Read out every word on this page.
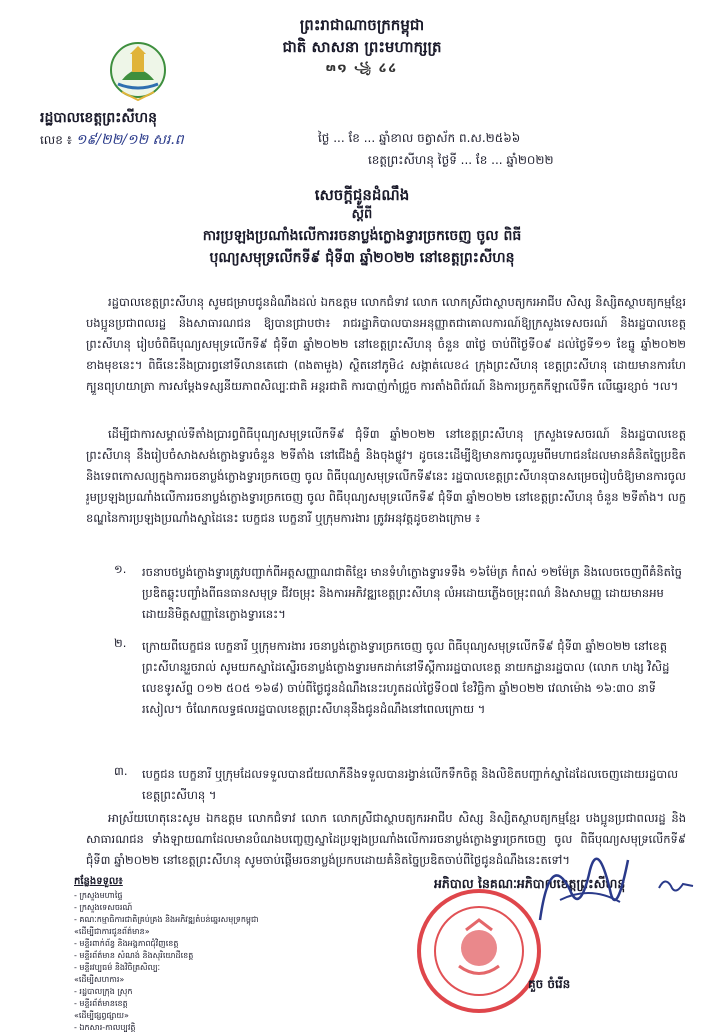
ព្រះរាជាណាចក្រកម្ពុជា
ជាតិ សាសនា ព្រះមហាក្សត្រ
໙໑ ꧁ ໒໒
រដ្ឋបាលខេត្តព្រះសីហនុ
លេខ ៖ ១៩/២២/១២ សរ.ព	ថ្ងៃ ... ខែ ... ឆ្នាំខាល ចត្វាស័ក ព.ស.២៥៦៦
ខេត្តព្រះសីហនុ ថ្ងៃទី ... ខែ ... ឆ្នាំ២០២២
សេចក្តីជូនដំណឹង
ស្តីពី
ការប្រឡងប្រណាំងលើការរចនាប្លង់ក្លោងទ្វារច្រកចេញ ចូល ពិធី
បុណ្យសមុទ្រលើកទី៩ ជុំទី៣ ឆ្នាំ២០២២ នៅខេត្តព្រះសីហនុ
រដ្ឋបាលខេត្តព្រះសីហនុ សូមជម្រាបជូនដំណឹងដល់ ឯកឧត្តម លោកជំទាវ លោក លោកស្រីជាស្ថាបត្យករអាជីប សិស្ស និស្សិតស្ថាបត្យកម្មខ្មែរ បងប្អូនប្រជាពលរដ្ឋ និងសាធារណជន ឱ្យបានជ្រាបថា៖ រាជរដ្ឋាភិបាលបានអនុញ្ញាតជាគោលការណ៍ឱ្យក្រសួងទេសចរណ៍ និងរដ្ឋបាលខេត្តព្រះសីហនុ រៀបចំពិធីបុណ្យសមុទ្រលើកទី៩ ជុំទី៣ ឆ្នាំ២០២២ នៅខេត្តព្រះសីហនុ ចំនួន ៣ថ្ងៃ ចាប់ពីថ្ងៃទី០៩ ដល់ថ្ងៃទី១១ ខែធ្នូ ឆ្នាំ២០២២ ខាងមុខនេះ។ ពិធីនេះនឹងប្រារព្ធនៅទីលានតេជោ (ពងតាមួង) ស្ថិតនៅភូមិ៤ សង្កាត់លេខ៤ ក្រុងព្រះសីហនុ ខេត្តព្រះសីហនុ ដោយមានការហែក្បួនព្យុហយាត្រា ការសម្តែងទស្សនីយភាពសិល្បៈជាតិ អន្តរជាតិ ការបាញ់កាំជ្រួច ការតាំងពិព័រណ៍ និងការប្រកួតកីឡាលើទឹក លើឆ្នេរខ្សាច់ ។ល។
ដើម្បីជាការសម្គាល់ទីតាំងប្រារព្ធពិធីបុណ្យសមុទ្រលើកទី៩ ជុំទី៣ ឆ្នាំ២០២២ នៅខេត្តព្រះសីហនុ ក្រសួងទេសចរណ៍ និងរដ្ឋបាលខេត្តព្រះសីហនុ នឹងរៀបចំសាងសង់ក្លោងទ្វារចំនួន ២ទីតាំង នៅជើងភ្នំ និងចុងផ្លូវ។ ដូចនេះដើម្បីឱ្យមានការចូលរួមពីមហាជនដែលមានគំនិតច្នៃប្រឌិត និងទេពកោសល្យក្នុងការរចនាប្លង់ក្លោងទ្វារច្រកចេញ ចូល ពិធីបុណ្យសមុទ្រលើកទី៩នេះ រដ្ឋបាលខេត្តព្រះសីហនុបានសម្រេចរៀបចំឱ្យមានការចូលរួមប្រឡងប្រណាំងលើការរចនាប្លង់ក្លោងទ្វារច្រកចេញ ចូល ពិធីបុណ្យសមុទ្រលើកទី៩ ជុំទី៣ ឆ្នាំ២០២២ នៅខេត្តព្រះសីហនុ ចំនួន ២ទីតាំង។ លក្ខខណ្ឌនៃការប្រឡងប្រណាំងស្នាដៃនេះ បេក្ខជន បេក្ខនារី ឬក្រុមការងារ ត្រូវអនុវត្តដូចខាងក្រោម ៖
១. រចនាបថប្លង់ក្លោងទ្វារត្រូវបញ្ជាក់ពីអត្តសញ្ញាណជាតិខ្មែរ មានទំហំក្លោងទ្វារទទឹង ១៦ម៉ែត្រ កំពស់ ១២ម៉ែត្រ និងលេចចេញពីគំនិតច្នៃប្រឌិតឆ្លុះបញ្ចាំងពីធនធានសមុទ្រ ជីវចម្រុះ និងការអភិវឌ្ឍខេត្តព្រះសីហនុ លំអដោយភ្លើងចម្រុះពណ៌ និងសាមញ្ញ ដោយមានអមដោយនិមិត្តសញ្ញានៃក្លោងទ្វារនេះ។
២. ក្រោយពីបេក្ខជន បេក្ខនារី ឬក្រុមការងារ រចនាប្លង់ក្លោងទ្វារច្រកចេញ ចូល ពិធីបុណ្យសមុទ្រលើកទី៩ ជុំទី៣ ឆ្នាំ២០២២ នៅខេត្តព្រះសីហនុរួចរាល់ សូមយកស្នាដៃស្នើរចនាប្លង់ក្លោងទ្វារមកដាក់នៅទីស្តីការរដ្ឋបាលខេត្ត នាយកដ្ឋានរដ្ឋបាល (លោក ហង្ស វិសិដ្ឋ លេខទូរស័ព្ទ ០១២ ៥០៥ ១៦៨) ចាប់ពីថ្ងៃជូនដំណឹងនេះរហូតដល់ថ្ងៃទី០៧ ខែវិច្ឆិកា ឆ្នាំ២០២២ វេលាម៉ោង ១៦:៣០ នាទីរសៀល។ ចំណែកលទ្ធផលរដ្ឋបាលខេត្តព្រះសីហនុនឹងជូនដំណឹងនៅពេលក្រោយ ។
៣. បេក្ខជន បេក្ខនារី ឬក្រុមដែលទទួលបានជ័យលាភីនឹងទទួលបានរង្វាន់លើកទឹកចិត្ត និងលិខិតបញ្ជាក់ស្នាដៃដែលចេញដោយរដ្ឋបាលខេត្តព្រះសីហនុ ។
អាស្រ័យហេតុនេះសូម ឯកឧត្តម លោកជំទាវ លោក លោកស្រីជាស្ថាបត្យករអាជីប សិស្ស និស្សិតស្ថាបត្យកម្មខ្មែរ បងប្អូនប្រជាពលរដ្ឋ និងសាធារណជន ទាំងឡាយណាដែលមានបំណងបញ្ចេញស្នាដៃប្រឡងប្រណាំងលើការរចនាប្លង់ក្លោងទ្វារច្រកចេញ ចូល ពិធីបុណ្យសមុទ្រលើកទី៩ ជុំទី៣ ឆ្នាំ២០២២ នៅខេត្តព្រះសីហនុ សូមចាប់ផ្តើមរចនាប្លង់ប្រកបដោយគំនិតច្នៃប្រឌិតចាប់ពីថ្ងៃជូនដំណឹងនេះតទៅ។
កន្លែងទទួល៖
- ក្រសួងមហាផ្ទៃ
- ក្រសួងទេសចរណ៍
- គណៈកម្មាធិការជាតិគ្រប់គ្រង និងអភិវឌ្ឍតំបន់ឆ្នេរសមុទ្រកម្ពុជា
«ដើម្បីជាការជូនព័ត៌មាន»
- មន្ទីរពាក់ព័ន្ធ និងអង្គភាពជុំវិញខេត្ត
- មន្ទីរព័ត៌មាន សំណង់ និងសុរិយោដីខេត្ត
- មន្ទីរវប្បធម៌ និងវិចិត្រសិល្បៈ
«ដើម្បីសហការ»
- រដ្ឋបាលក្រុង ស្រុក
- មន្ទីរព័ត៌មានខេត្ត
«ដើម្បីផ្សព្វផ្សាយ»
- ឯកសារ-កាលប្បវត្តិ
អភិបាល នៃគណៈអភិបាលខេត្តព្រះសីហនុ
គួច ចំរើន
